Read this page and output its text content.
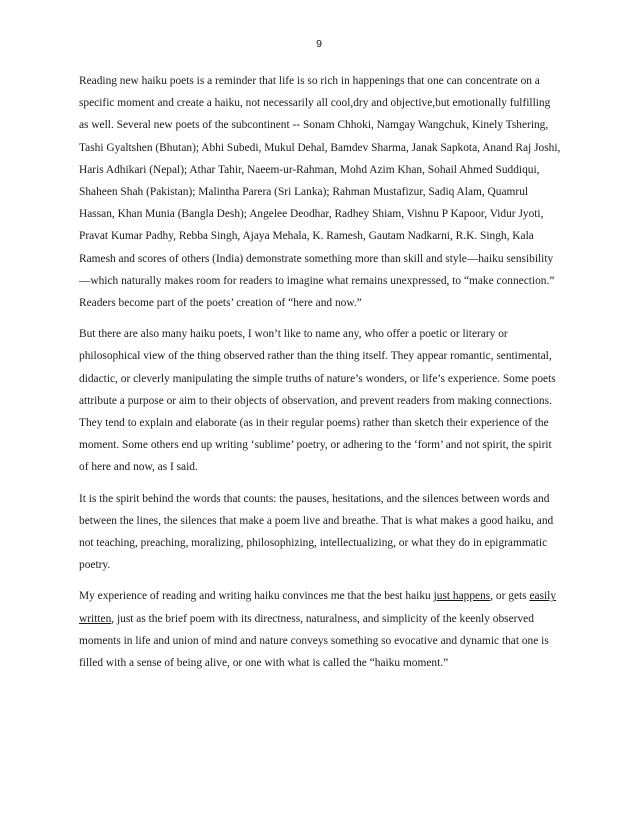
9

Reading new haiku poets is a reminder that life is so rich in happenings that one can concentrate on a specific moment and create a haiku, not necessarily all cool,dry and objective,but emotionally fulfilling as well. Several new poets of the subcontinent -- Sonam Chhoki, Namgay Wangchuk, Kinely Tshering, Tashi Gyaltshen (Bhutan); Abhi Subedi, Mukul Dehal, Bamdev Sharma, Janak Sapkota, Anand Raj Joshi, Haris Adhikari (Nepal); Athar Tahir, Naeem-ur-Rahman, Mohd Azim Khan, Sohail Ahmed Suddiqui, Shaheen Shah (Pakistan); Malintha Parera (Sri Lanka); Rahman Mustafizur, Sadiq Alam, Quamrul Hassan, Khan Munia (Bangla Desh); Angelee Deodhar, Radhey Shiam, Vishnu P Kapoor, Vidur Jyoti, Pravat Kumar Padhy, Rebba Singh, Ajaya Mehala, K. Ramesh, Gautam Nadkarni, R.K. Singh, Kala Ramesh and scores of others (India) demonstrate something more than skill and style—haiku sensibility—which naturally makes room for readers to imagine what remains unexpressed, to “make connection.” Readers become part of the poets’ creation of “here and now.”

But there are also many haiku poets, I won’t like to name any, who offer a poetic or literary or philosophical view of the thing observed rather than the thing itself. They appear romantic, sentimental, didactic, or cleverly manipulating the simple truths of nature’s wonders, or life’s experience. Some poets attribute a purpose or aim to their objects of observation, and prevent readers from making connections. They tend to explain and elaborate (as in their regular poems) rather than sketch their experience of the moment. Some others end up writing ‘sublime’ poetry, or adhering to the ‘form’ and not spirit, the spirit of here and now, as I said.

It is the spirit behind the words that counts: the pauses, hesitations, and the silences between words and between the lines, the silences that make a poem live and breathe. That is what makes a good haiku, and not teaching, preaching, moralizing, philosophizing, intellectualizing, or what they do in epigrammatic poetry.

My experience of reading and writing haiku convinces me that the best haiku just happens, or gets easily written, just as the brief poem with its directness, naturalness, and simplicity of the keenly observed moments in life and union of mind and nature conveys something so evocative and dynamic that one is filled with a sense of being alive, or one with what is called the “haiku moment.”
